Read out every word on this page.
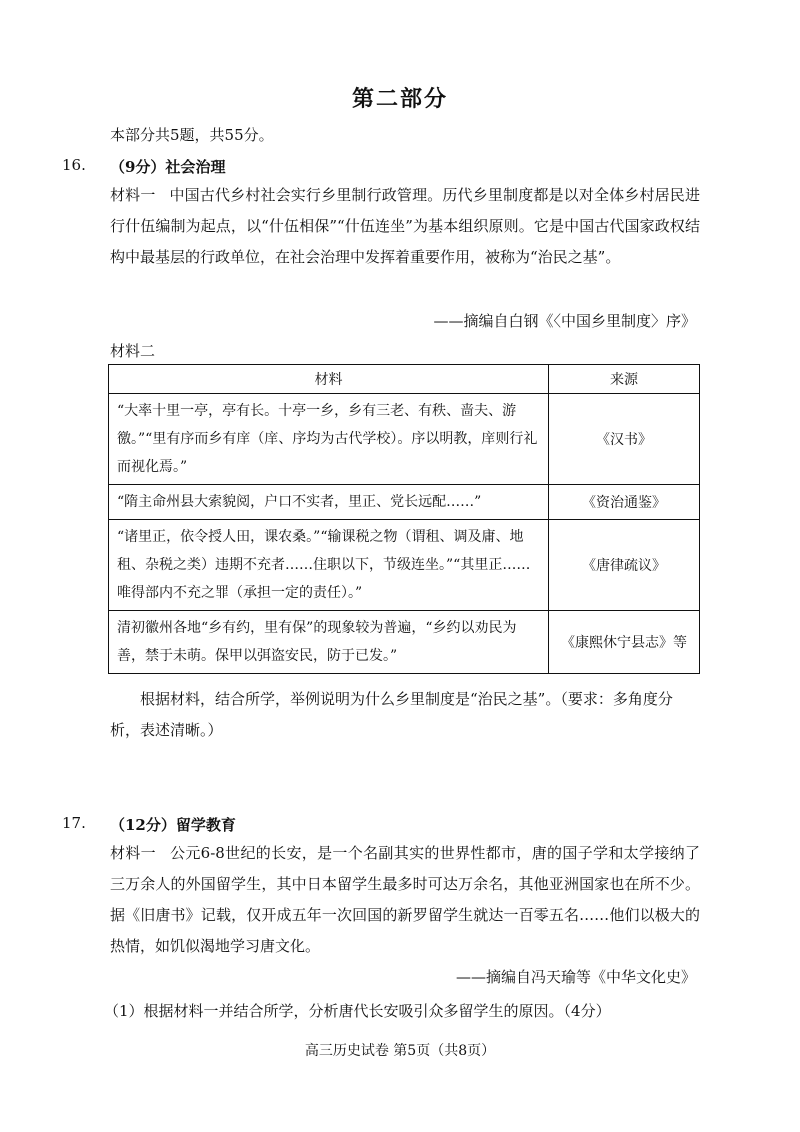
第二部分
本部分共5题，共55分。
16. （9分）社会治理
材料一 中国古代乡村社会实行乡里制行政管理。历代乡里制度都是以对全体乡村居民进行什伍编制为起点，以“什伍相保”“什伍连坐”为基本组织原则。它是中国古代国家政权结构中最基层的行政单位，在社会治理中发挥着重要作用，被称为“治民之基”。
——摘编自白钢《〈中国乡里制度〉序》
材料二
材料	来源
“大率十里一亭，亭有长。十亭一乡，乡有三老、有秩、啬夫、游徼。”“里有序而乡有庠（庠、序均为古代学校）。序以明教，庠则行礼而视化焉。”	《汉书》
“隋主命州县大索貌阅，户口不实者，里正、党长远配……”	《资治通鉴》
“诸里正，依令授人田，课农桑。”“输课税之物（谓租、调及庸、地租、杂税之类）违期不充者……住职以下，节级连坐。”“其里正……唯得部内不充之罪（承担一定的责任）。”	《唐律疏议》
清初徽州各地“乡有约，里有保”的现象较为普遍，“乡约以劝民为善，禁于未萌。保甲以弭盗安民，防于已发。”	《康熙休宁县志》等
根据材料，结合所学，举例说明为什么乡里制度是“治民之基”。（要求：多角度分析，表述清晰。）
17. （12分）留学教育
材料一 公元6-8世纪的长安，是一个名副其实的世界性都市，唐的国子学和太学接纳了三万余人的外国留学生，其中日本留学生最多时可达万余名，其他亚洲国家也在所不少。据《旧唐书》记载，仅开成五年一次回国的新罗留学生就达一百零五名……他们以极大的热情，如饥似渴地学习唐文化。
——摘编自冯天瑜等《中华文化史》
（1）根据材料一并结合所学，分析唐代长安吸引众多留学生的原因。（4分）
高三历史试卷 第5页（共8页）
